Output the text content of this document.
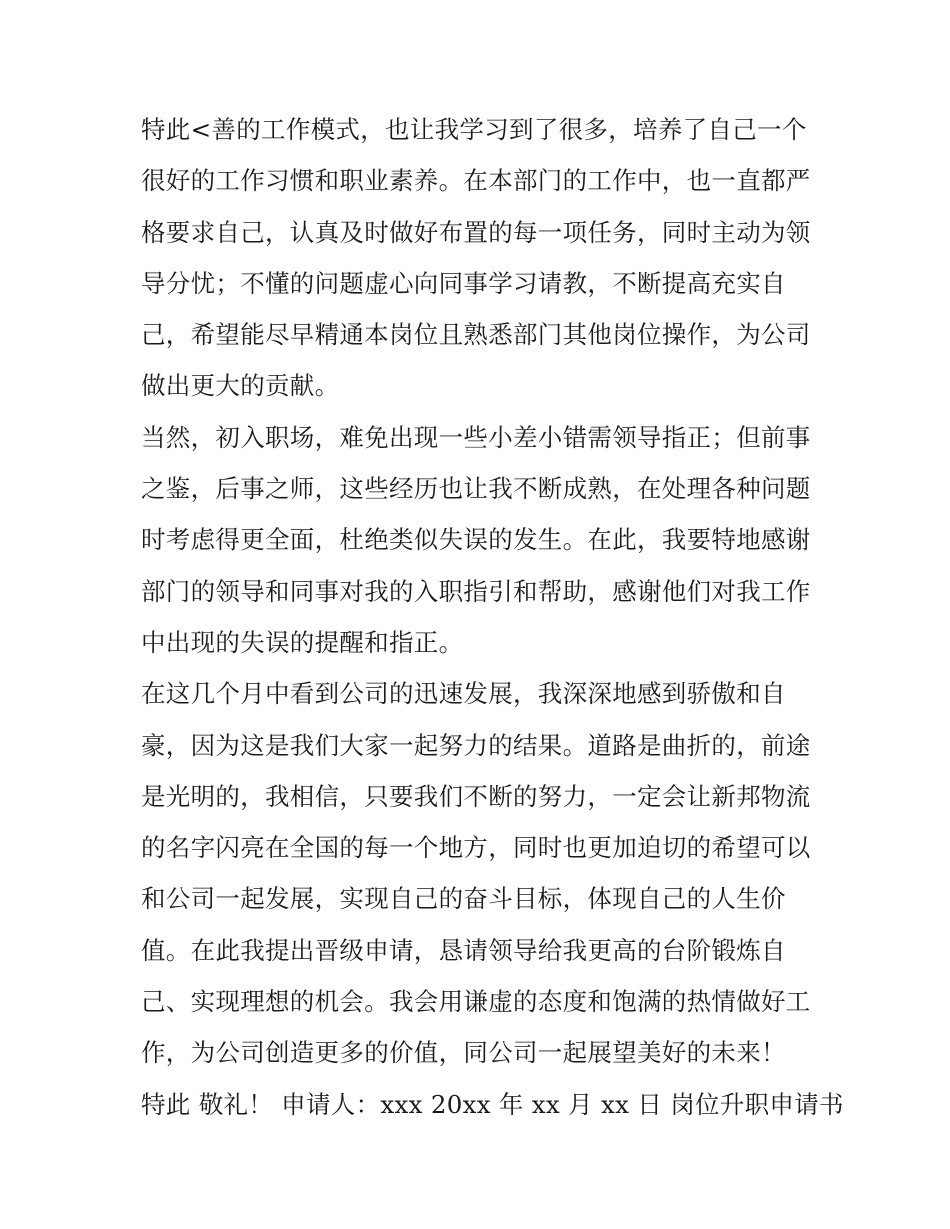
特此<善的工作模式，也让我学习到了很多，培养了自己一个
很好的工作习惯和职业素养。在本部门的工作中，也一直都严
格要求自己，认真及时做好布置的每一项任务，同时主动为领
导分忧；不懂的问题虚心向同事学习请教，不断提高充实自
己，希望能尽早精通本岗位且熟悉部门其他岗位操作，为公司
做出更大的贡献。
当然，初入职场，难免出现一些小差小错需领导指正；但前事
之鉴，后事之师，这些经历也让我不断成熟，在处理各种问题
时考虑得更全面，杜绝类似失误的发生。在此，我要特地感谢
部门的领导和同事对我的入职指引和帮助，感谢他们对我工作
中出现的失误的提醒和指正。
在这几个月中看到公司的迅速发展，我深深地感到骄傲和自
豪，因为这是我们大家一起努力的结果。道路是曲折的，前途
是光明的，我相信，只要我们不断的努力，一定会让新邦物流
的名字闪亮在全国的每一个地方，同时也更加迫切的希望可以
和公司一起发展，实现自己的奋斗目标，体现自己的人生价
值。在此我提出晋级申请，恳请领导给我更高的台阶锻炼自
己、实现理想的机会。我会用谦虚的态度和饱满的热情做好工
作，为公司创造更多的价值，同公司一起展望美好的未来！
特此 敬礼！ 申请人：xxx 20xx 年 xx 月 xx 日 岗位升职申请书
